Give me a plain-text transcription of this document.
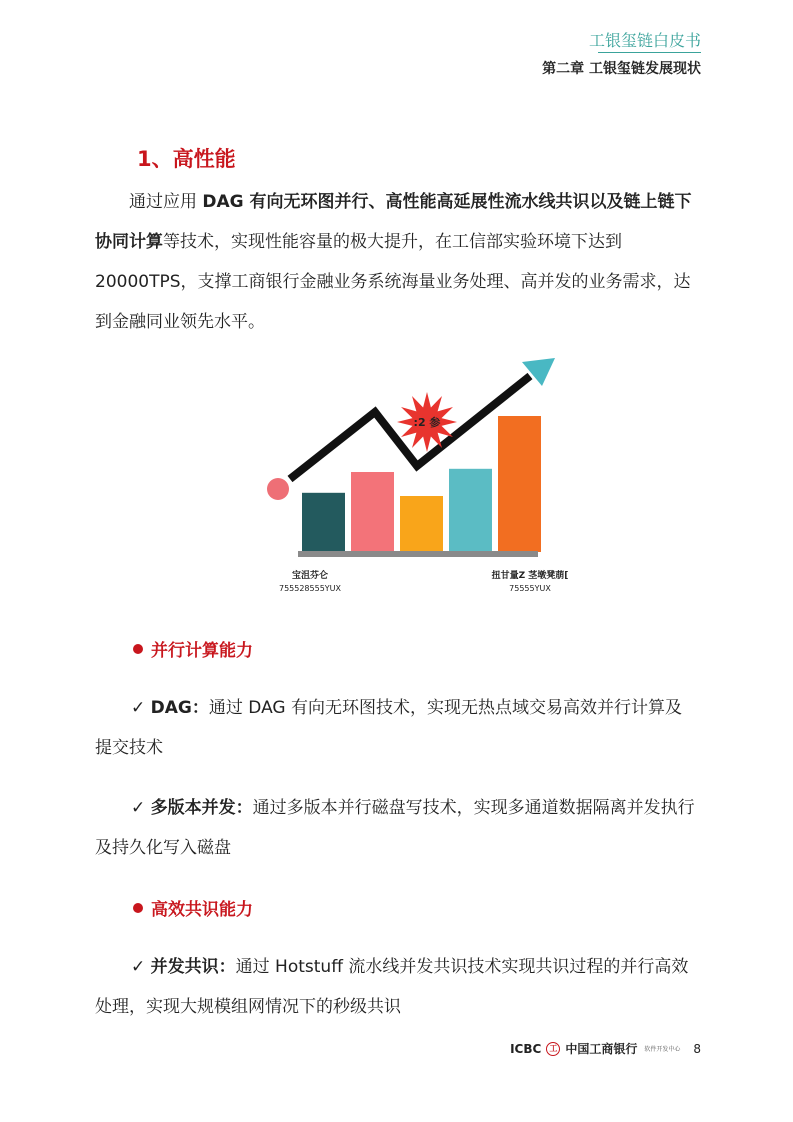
工银玺链白皮书
第二章 工银玺链发展现状
1、高性能
通过应用 DAG 有向无环图并行、高性能高延展性流水线共识以及链上链下协同计算等技术，实现性能容量的极大提升，在工信部实验环境下达到 20000TPS，支撑工商银行金融业务系统海量业务处理、高并发的业务需求，达到金融同业领先水平。
:2 参
宝沮芬仑
755528555YUX
扭甘量Z 茎墩凳萠[
75555YUX
并行计算能力
✓ DAG：通过 DAG 有向无环图技术，实现无热点域交易高效并行计算及提交技术
✓ 多版本并发：通过多版本并行磁盘写技术，实现多通道数据隔离并发执行及持久化写入磁盘
高效共识能力
✓ 并发共识：通过 Hotstuff 流水线并发共识技术实现共识过程的并行高效处理，实现大规模组网情况下的秒级共识
ICBC	工 中国工商银行 软件开发中心 8
